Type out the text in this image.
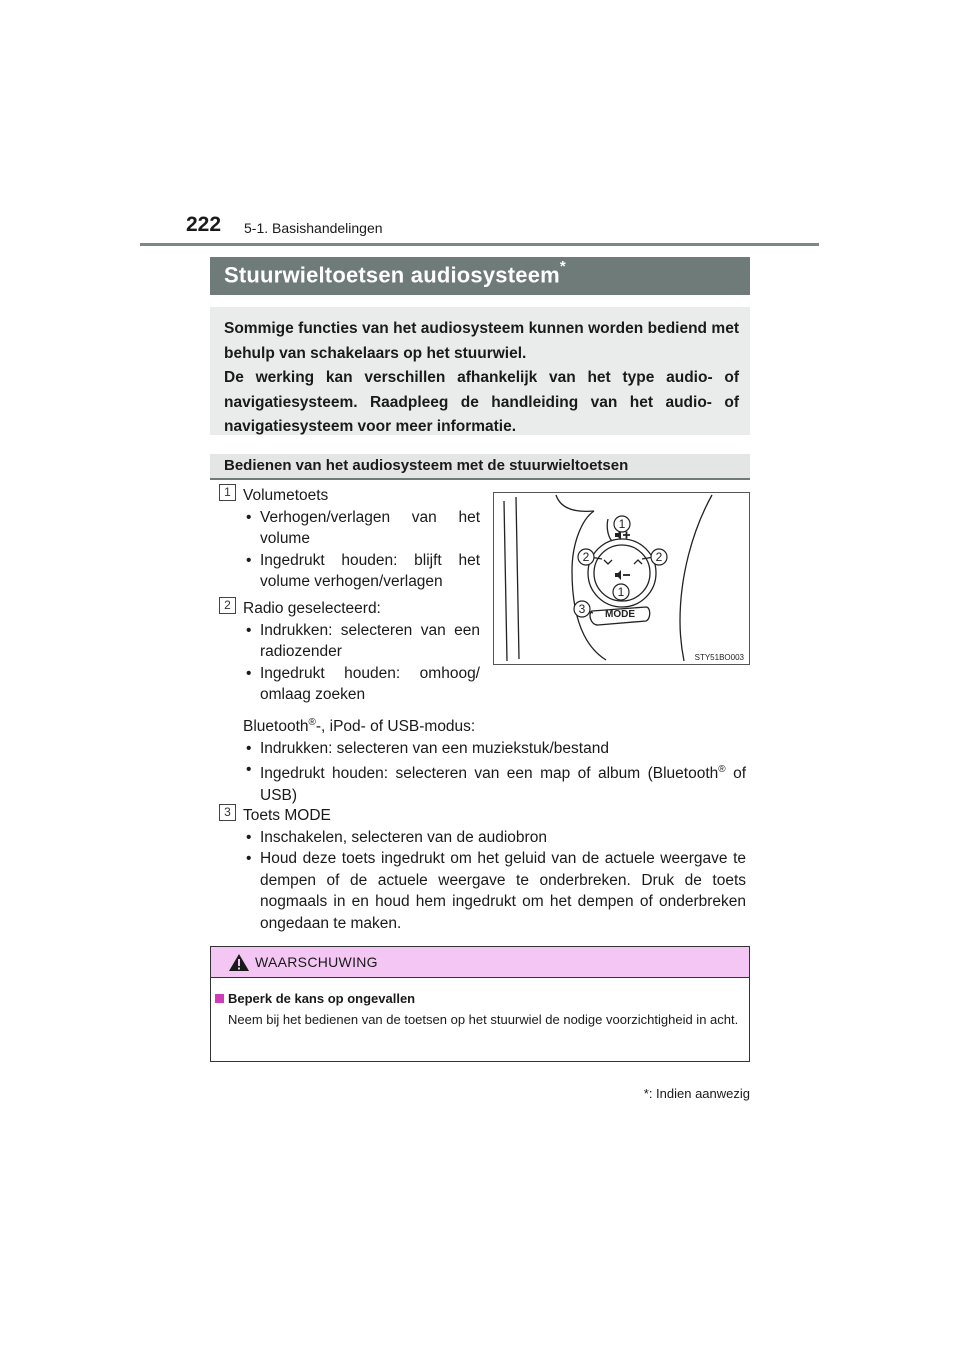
222 5-1. Basishandelingen
Stuurwieltoetsen audiosysteem*

Sommige functies van het audiosysteem kunnen worden bediend met behulp van schakelaars op het stuurwiel.

De werking kan verschillen afhankelijk van het type audio- of navigatiesysteem. Raadpleeg de handleiding van het audio- of navigatiesysteem voor meer informatie.

Bedienen van het audiosysteem met de stuurwieltoetsen
1 Volumetoets
• Verhogen/verlagen van het volume
• Ingedrukt houden: blijft het volume verhogen/verlagen
2 Radio geselecteerd:
• Indrukken: selecteren van een radiozender
• Ingedrukt houden: omhoog/ omlaag zoeken
Bluetooth®-, iPod- of USB-modus:
• Indrukken: selecteren van een muziekstuk/bestand
• Ingedrukt houden: selecteren van een map of album (Bluetooth® of USB)
3 Toets MODE
• Inschakelen, selecteren van de audiobron
• Houd deze toets ingedrukt om het geluid van de actuele weergave te dempen of de actuele weergave te onderbreken. Druk de toets nogmaals in en houd hem ingedrukt om het dempen of onderbreken ongedaan te maken.
1
2	2
1
3 MODE
STY51BO003
WAARSCHUWING
Beperk de kans op ongevallen
Neem bij het bedienen van de toetsen op het stuurwiel de nodige voorzichtigheid in acht.
*: Indien aanwezig
